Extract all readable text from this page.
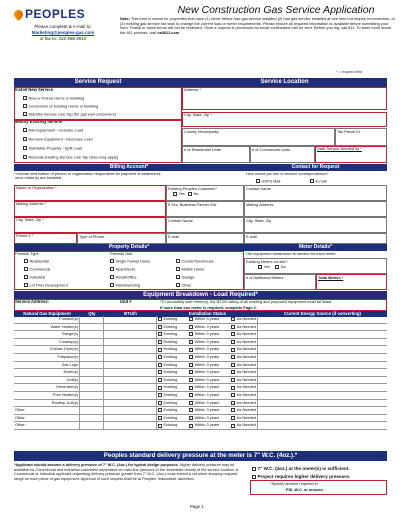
PEOPLES
Please complete & e-mail to:
Marketing@peoples-gas.com
or fax to: 412-258-2910
New Construction Gas Service Application
Note: This form is meant for properties that have (1) never before had gas service installed (2) had gas service installed at one time but require reconnection, or (3) existing gas service but wish to change the current load or meter requirements. Please ensure all required information is available before submitting your form. Partial or blank forms will not be reviewed. Once a request is processed an email confirmation will be sent. Before you dig, call 811. To learn more about the 811 process, visit call811.com
* = required field
Service Request	Service Location
Install New Service
New or Future Home or Building
Conversion of Existing Home or Building
Standby Service Line Tap (for gas well consumers)
Modify Existing Service
Add Equipment - Increase Load
Remove Equipment - Decrease Load
Subdivide Property - Split Load
Relocate Existing Service Line Tap (fees may apply)
Address *
City, State, Zip *
County, Municipality	Tax Parcel ID
# of Residential Units	# of Commercial Units	Date Service Needed by *
Billing Account*	Contact for Request
*Include information of person or organization responsible for payment of statements once meter(s) are installed.
How would you like to receive correspondence?
USPS Mail	E-mail
Name or Organization *	Existing Peoples Customer?
Yes No
Contact Name
Mailing Address *	If Yes, Business Partner ID#	Mailing Address
City, State, Zip *	Contact Name	City, State, Zip
Phone # *	Type of Phone	E-mail	E-mail
Property Details*	Meter Details*
Premise Type	Premise Use
Residential
Commercial
Industrial
Lot Plan Development
Single Family Home
Apartments
Retail/Office
Manufacturing
Condo/Townhouse
Mobile Home
Garage
Other
*An equipment breakdown is needed for each meter.
Existing Meters on-site?
Yes	No
# of Additional Meters	Total Meters *
Equipment Breakdown - Load Required*
Service Address:	Unit #	*To accurately size meter(s), the BTU/h rating of all existing and proposed equipment must be listed.
If more than one meter is required, complete Page 2.
Natural Gas Equipment	Qty	BTU/h	Installation Status	Current Energy Source (if converting)
Furnace(s)	Existing	Within 3 years	As Needed
Water Heater(s)	Existing	Within 3 years	As Needed
Range(s)	Existing	Within 3 years	As Needed
Cooktop(s)	Existing	Within 3 years	As Needed
Clothes Dryer(s)	Existing	Within 3 years	As Needed
Fireplace(s)	Existing	Within 3 years	As Needed
Gas Logs	Existing	Within 3 years	As Needed
Boiler(s)	Existing	Within 3 years	As Needed
Grill(s)	Existing	Within 3 years	As Needed
Generator(s)	Existing	Within 3 years	As Needed
Pool Heater(s)	Existing	Within 3 years	As Needed
Rooftop Unit(s)	Existing	Within 3 years	As Needed
Other:	Existing	Within 3 years	As Needed
Other:	Existing	Within 3 years	As Needed
Other:	Existing	Within 3 years	As Needed
Peoples standard delivery pressure at the meter is 7" W.C. (4oz.).*
*Applicant should assume a delivery pressure of 7" W.C. (4oz.) for typical design purposes. Higher delivery pressure may be available for Commercial and Industrial customers dependent on main line pressure in the immediate vicinity of the service location. A Commercial or Industrial applicant requesting delivery pressure greater than 7" W.C. (4oz.) must submit a cut sheet showing required range for each piece of gas equipment. Approval of such request shall be at Peoples' reasonable discretion.
7" W.C. (4oz.) at the meter(s) is sufficient.
Project requires higher delivery pressure.
*Specify amount required in
PSI, W.C. or ounces:
Page 1
